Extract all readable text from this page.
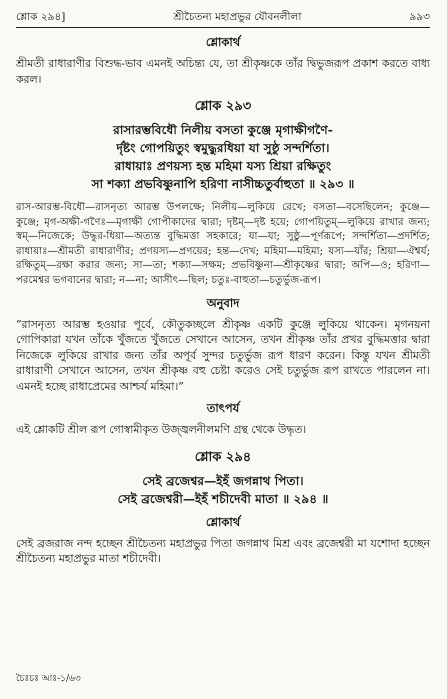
শ্লোক ২৯৪]	শ্রীচৈতন্য মহাপ্রভুর যৌবনলীলা	৯৯৩
শ্লোকার্থ

শ্রীমতী রাধারাণীর বিশুদ্ধ-ভাব এমনই অচিন্ত্য যে, তা শ্রীকৃষ্ণকে তাঁর দ্বিভুজরূপ প্রকাশ করতে বাধ্য করল।

শ্লোক ২৯৩
রাসারম্ভবিধৌ নিলীয় বসতা কুঞ্জে মৃগাক্ষীগণৈ-
র্দৃষ্টং গোপয়িতুং স্বমুদ্ধুরধিয়া যা সুষ্ঠু সন্দর্শিতা।
রাধায়াঃ প্রণয়স্য হন্ত মহিমা যস্য শ্রিয়া রক্ষিতুং
সা শক্যা প্রভবিষ্ণুনাপি হরিণা নাসীচ্চতুর্বাহুতা ॥ ২৯৩ ॥

রাস-আরম্ভ-বিধৌ—রাসনৃত্য আরম্ভ উপলক্ষে; নিলীয়—লুকিয়ে রেখে; বসতা—বসেছিলেন; কুঞ্জে—কুঞ্জে; মৃগ-অক্ষী-গণৈঃ—মৃগাক্ষী গোপীকাদের দ্বারা; দৃষ্টম্—দৃষ্ট হয়ে; গোপয়িতুম্—লুকিয়ে রাখার জন্য; স্বম্—নিজেকে; উদ্ধুর-ধিয়া—অত্যন্ত বুদ্ধিমত্তা সহকারে; যা—যা; সুষ্ঠু—পূর্ণরূপে; সন্দর্শিতা—প্রদর্শিত; রাধায়াঃ—শ্রীমতী রাধারাণীর; প্রণয়স্য—প্রণয়ের; হন্ত—দেখ; মহিমা—মহিমা; যস্য—যাঁর; শ্রিয়া—ঐশ্বর্য; রক্ষিতুম্—রক্ষা করার জন্য; সা—তা; শক্যা—সক্ষম; প্রভবিষ্ণুনা—শ্রীকৃষ্ণের দ্বারা; অপি—ও; হরিণা—পরমেশ্বর ভগবানের দ্বারা; ন—না; আসীৎ—ছিল; চতুঃ-বাহুতা—চতুর্ভুজ-রূপ।

অনুবাদ

“রাসনৃত্য আরম্ভ হওয়ার পূর্বে, কৌতুকচ্ছলে শ্রীকৃষ্ণ একটি কুঞ্জে লুকিয়ে থাকেন। মৃগনয়না গোপিকারা যখন তাঁকে খুঁজতে খুঁজতে সেখানে আসেন, তখন শ্রীকৃষ্ণ তাঁর প্রখর বুদ্ধিমত্তার দ্বারা নিজেকে লুকিয়ে রাখার জন্য তাঁর অপূর্ব সুন্দর চতুর্ভুজ রূপ ধারণ করেন। কিন্তু যখন শ্রীমতী রাধারাণী সেখানে আসেন, তখন শ্রীকৃষ্ণ বহু চেষ্টা করেও সেই চতুর্ভুজ রূপ রাখতে পারলেন না। এমনই হচ্ছে রাধাপ্রেমের আশ্চর্য মহিমা।”

তাৎপর্য

এই শ্লোকটি শ্রীল রূপ গোস্বামীকৃত উজ্জ্বলনীলমণি গ্রন্থ থেকে উদ্ধৃত।

শ্লোক ২৯৪
সেই ব্রজেশ্বর—ইহঁ জগন্নাথ পিতা।
সেই ব্রজেশ্বরী—ইহঁ শচীদেবী মাতা ॥ ২৯৪ ॥
শ্লোকার্থ

সেই ব্রজরাজ নন্দ হচ্ছেন শ্রীচৈতন্য মহাপ্রভুর পিতা জগন্নাথ মিশ্র এবং ব্রজেশ্বরী মা যশোদা হচ্ছেন শ্রীচৈতন্য মহাপ্রভুর মাতা শচীদেবী।

চৈঃচঃ আঃ-১/৬৩
